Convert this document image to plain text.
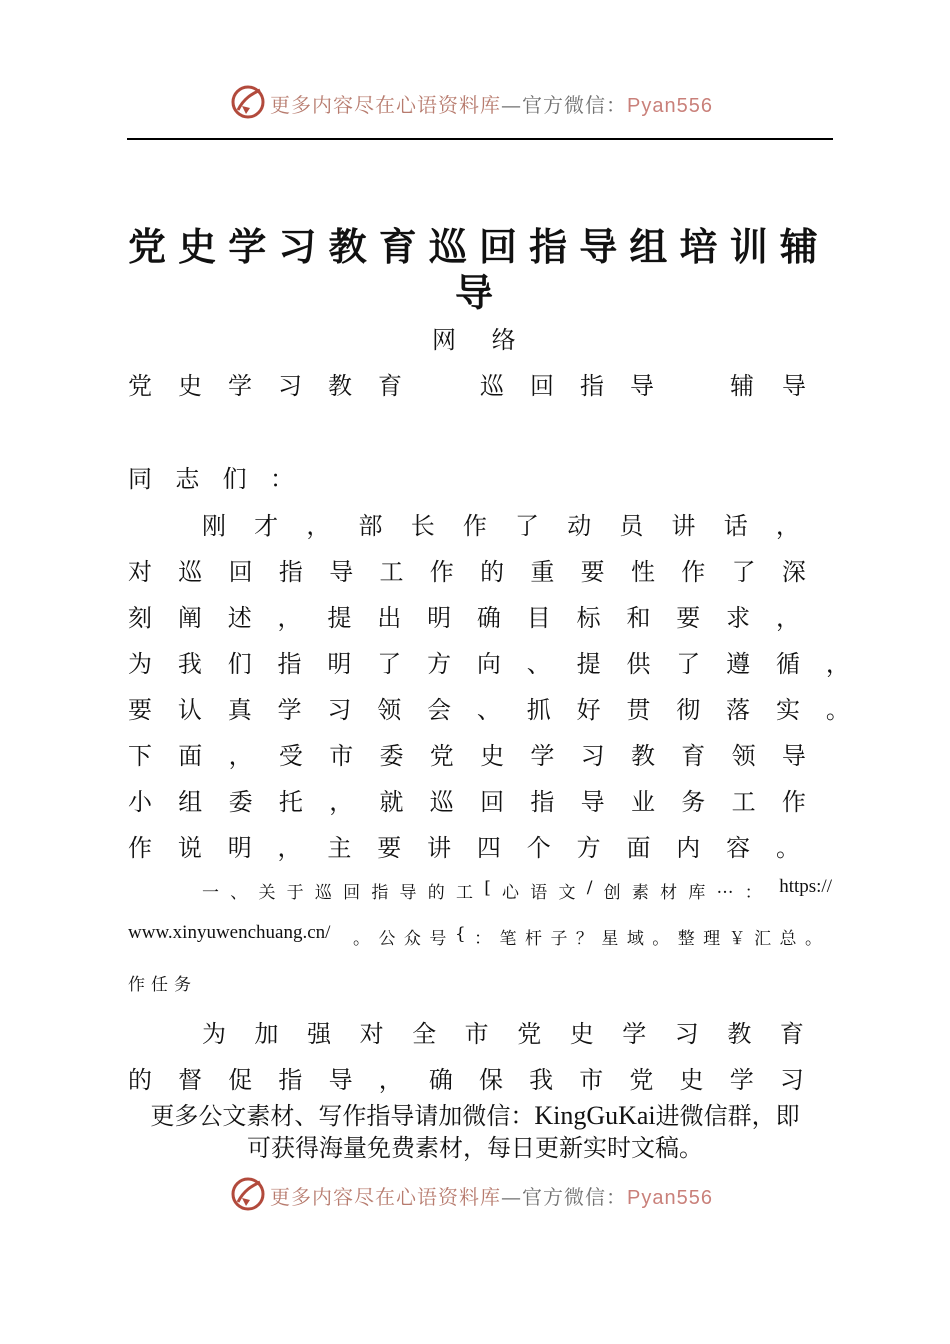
更多内容尽在心语资料库—官方微信：Pyan556
党 史 学 习 教 育 巡 回 指 导 组 培 训 辅
导
网 络
党 史 学 习 教 育	巡 回 指 导	辅 导
同 志 们 ：
刚 才 ， 部 长 作 了 动 员 讲 话 ，
对 巡 回 指 导 工 作 的 重 要 性 作 了 深
刻 阐 述 ， 提 出 明 确 目 标 和 要 求 ，
为 我 们 指 明 了 方 向 、 提 供 了 遵 循 ，
要 认 真 学 习 领 会 、 抓 好 贯 彻 落 实 。
下 面 ， 受 市 委 党 史 学 习 教 育 领 导
小 组 委 托 ， 就 巡 回 指 导 业 务 工 作
作 说 明 ， 主 要 讲 四 个 方 面 内 容 。
一 、 关 于 巡 回 指 导 的 工 [ 心 语 文 / 创 素 材 库 … ： https://
www.xinyuwenchuang.cn/ 。 公 众 号 { ： 笔 杆 子 ？ 星 域 。 整 理 ￥ 汇 总 。
作任务
为 加 强 对 全 市 党 史 学 习 教 育
的 督 促 指 导 ， 确 保 我 市 党 史 学 习
更多公文素材、写作指导请加微信：KingGuKai进微信群，即
可获得海量免费素材，每日更新实时文稿。
更多内容尽在心语资料库—官方微信：Pyan556
